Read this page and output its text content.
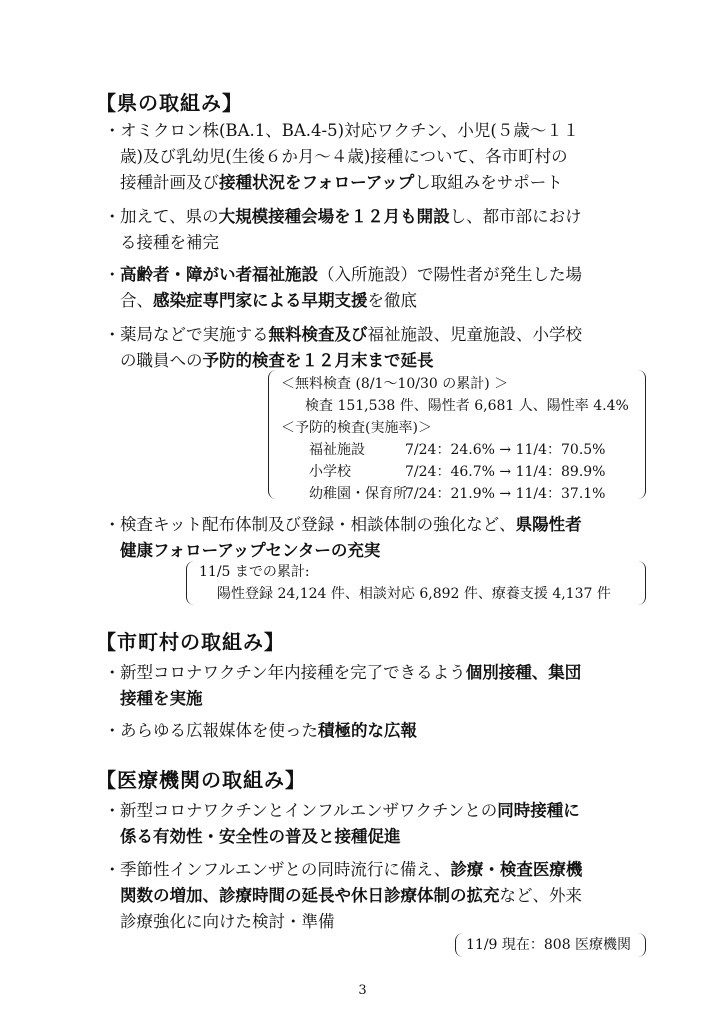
【県の取組み】
・ オミクロン株(BA.1、BA.4-5)対応ワクチン、小児(５歳～１１
歳)及び乳幼児(生後６か月～４歳)接種について、各市町村の
接種計画及び接種状況をフォローアップし取組みをサポート
・ 加えて、県の大規模接種会場を１２月も開設し、都市部におけ
る接種を補完
・ 高齢者・障がい者福祉施設（入所施設）で陽性者が発生した場
合、感染症専門家による早期支援を徹底
・ 薬局などで実施する無料検査及び福祉施設、児童施設、小学校
の職員への予防的検査を１２月末まで延長
＜無料検査 (8/1～10/30 の累計) ＞
検査 151,538 件、陽性者 6,681 人、陽性率 4.4%
＜予防的検査(実施率)＞
福祉施設	7/24：24.6% → 11/4：70.5%
小学校	7/24：46.7% → 11/4：89.9%
幼稚園・保育所7/24：21.9% → 11/4：37.1%
・ 検査キット配布体制及び登録・相談体制の強化など、県陽性者
健康フォローアップセンターの充実
11/5 までの累計:
陽性登録 24,124 件、相談対応 6,892 件、療養支援 4,137 件
【市町村の取組み】
・ 新型コロナワクチン年内接種を完了できるよう個別接種、集団
接種を実施
・ あらゆる広報媒体を使った積極的な広報
【医療機関の取組み】
・ 新型コロナワクチンとインフルエンザワクチンとの同時接種に
係る有効性・安全性の普及と接種促進
・ 季節性インフルエンザとの同時流行に備え、診療・検査医療機
関数の増加、診療時間の延長や休日診療体制の拡充など、外来
診療強化に向けた検討・準備
11/9 現在：808 医療機関
3
